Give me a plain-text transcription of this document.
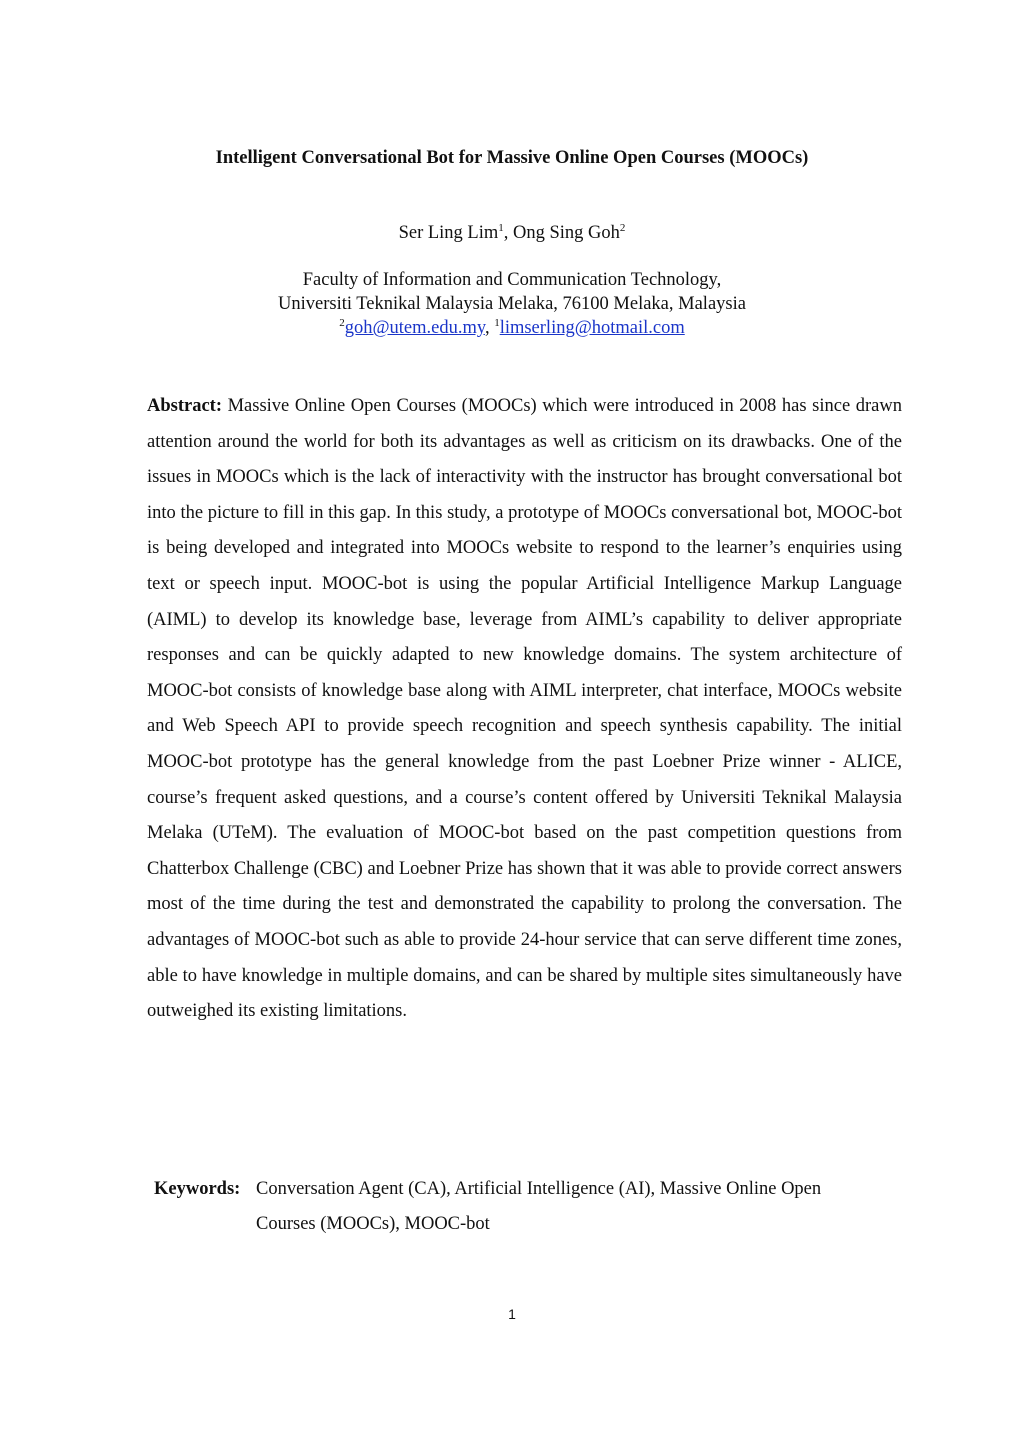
Intelligent Conversational Bot for Massive Online Open Courses (MOOCs)
Ser Ling Lim$^1$, Ong Sing Goh$^2$
Faculty of Information and Communication Technology,
Universiti Teknikal Malaysia Melaka, 76100 Melaka, Malaysia
$^2$goh@utem.edu.my, $^1$limserling@hotmail.com
Abstract: Massive Online Open Courses (MOOCs) which were introduced in 2008 has since drawn attention around the world for both its advantages as well as criticism on its drawbacks. One of the issues in MOOCs which is the lack of interactivity with the instructor has brought conversational bot into the picture to fill in this gap. In this study, a prototype of MOOCs conversational bot, MOOC-bot is being developed and integrated into MOOCs website to respond to the learner’s enquiries using text or speech input. MOOC-bot is using the popular Artificial Intelligence Markup Language (AIML) to develop its knowledge base, leverage from AIML’s capability to deliver appropriate responses and can be quickly adapted to new knowledge domains. The system architecture of MOOC-bot consists of knowledge base along with AIML interpreter, chat interface, MOOCs website and Web Speech API to provide speech recognition and speech synthesis capability. The initial MOOC-bot prototype has the general knowledge from the past Loebner Prize winner - ALICE, course’s frequent asked questions, and a course’s content offered by Universiti Teknikal Malaysia Melaka (UTeM). The evaluation of MOOC-bot based on the past competition questions from Chatterbox Challenge (CBC) and Loebner Prize has shown that it was able to provide correct answers most of the time during the test and demonstrated the capability to prolong the conversation. The advantages of MOOC-bot such as able to provide 24-hour service that can serve different time zones, able to have knowledge in multiple domains, and can be shared by multiple sites simultaneously have outweighed its existing limitations.
Keywords: Conversation Agent (CA), Artificial Intelligence (AI), Massive Online Open
Courses (MOOCs), MOOC-bot
1
